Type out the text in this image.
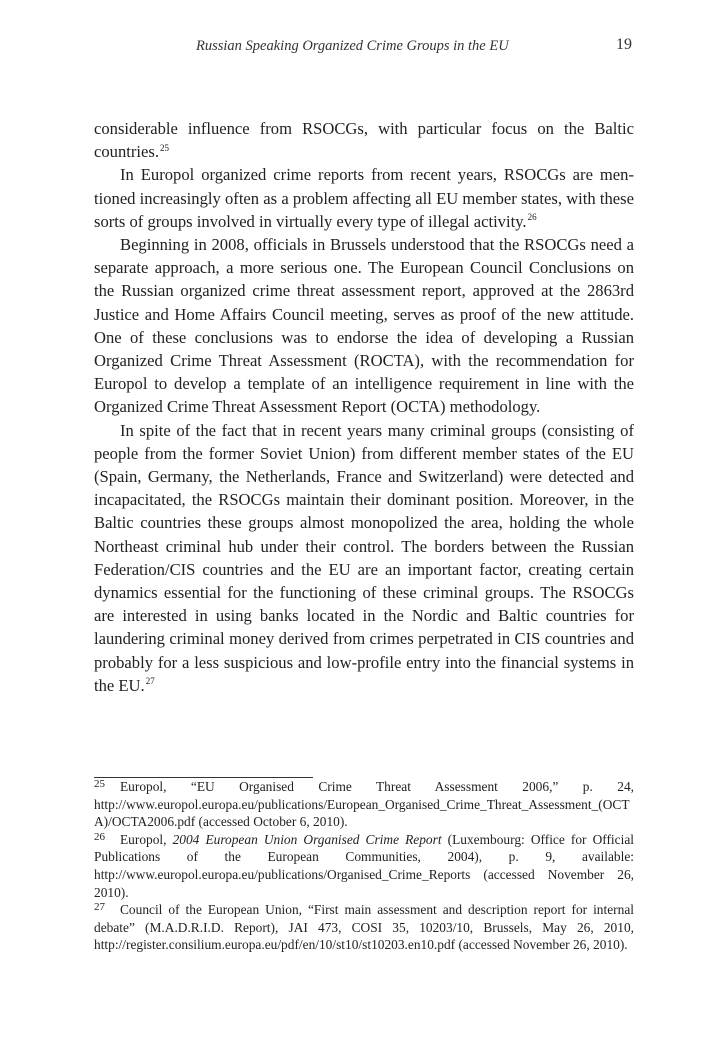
Russian Speaking Organized Crime Groups in the EU	19

considerable influence from RSOCGs, with particular focus on the Baltic countries.$^{25}$

In Europol organized crime reports from recent years, RSOCGs are mentioned increasingly often as a problem affecting all EU member states, with these sorts of groups involved in virtually every type of illegal activity.$^{26}$

Beginning in 2008, officials in Brussels understood that the RSOCGs need a separate approach, a more serious one. The European Council Conclusions on the Russian organized crime threat assessment report, approved at the 2863rd Justice and Home Affairs Council meeting, serves as proof of the new attitude. One of these conclusions was to endorse the idea of developing a Russian Organized Crime Threat Assessment (ROCTA), with the recommendation for Europol to develop a template of an intelligence requirement in line with the Organized Crime Threat Assessment Report (OCTA) methodology.

In spite of the fact that in recent years many criminal groups (consisting of people from the former Soviet Union) from different member states of the EU (Spain, Germany, the Netherlands, France and Switzerland) were detected and incapacitated, the RSOCGs maintain their dominant position. Moreover, in the Baltic countries these groups almost monopolized the area, holding the whole Northeast criminal hub under their control. The borders between the Russian Federation/CIS countries and the EU are an important factor, creating certain dynamics essential for the functioning of these criminal groups. The RSOCGs are interested in using banks located in the Nordic and Baltic countries for laundering criminal money derived from crimes perpetrated in CIS countries and probably for a less suspicious and low-profile entry into the financial systems in the EU.$^{27}$

25 Europol, “EU Organised Crime Threat Assessment 2006,” p. 24, http://www.europol.europa.eu/publications/European_Organised_Crime_Threat_Assessment_(OCTA)/OCTA2006.pdf (accessed October 6, 2010).

26 Europol, 2004 European Union Organised Crime Report (Luxembourg: Office for Official Publications of the European Communities, 2004), p. 9, available: http://www.europol.europa.eu/publications/Organised_Crime_Reports (accessed November 26, 2010).

27 Council of the European Union, “First main assessment and description report for internal debate” (M.A.D.R.I.D. Report), JAI 473, COSI 35, 10203/10, Brussels, May 26, 2010, http://register.consilium.europa.eu/pdf/en/10/st10/st10203.en10.pdf (accessed November 26, 2010).
